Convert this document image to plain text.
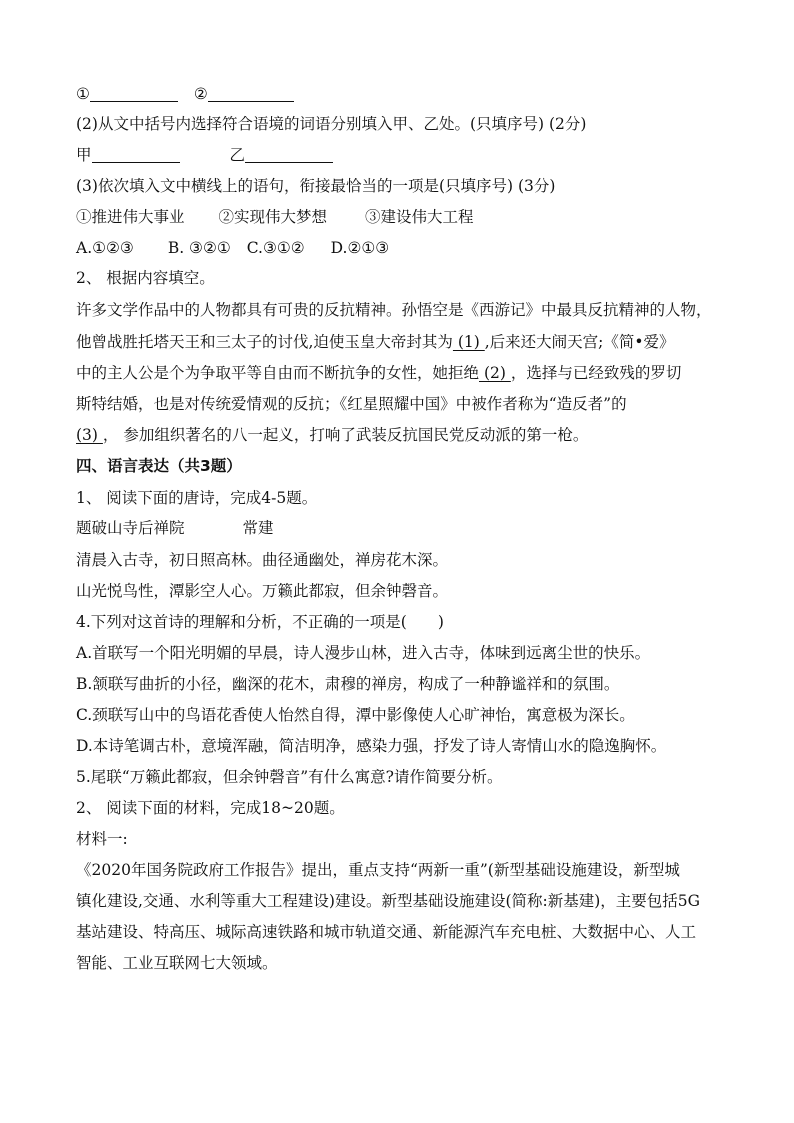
①	②
(2)从文中括号内选择符合语境的词语分别填入甲、乙处。(只填序号) (2分)
甲	乙
(3)依次填入文中横线上的语句，衔接最恰当的一项是(只填序号) (3分)
①推进伟大事业 ②实现伟大梦想 ③建设伟大工程
A.①②③ B. ③②① C.③①② D.②①③
2、 根据内容填空。
许多文学作品中的人物都具有可贵的反抗精神。孙悟空是《西游记》中最具反抗精神的人物，
他曾战胜托塔天王和三太子的讨伐,迫使玉皇大帝封其为 (1) ,后来还大闹天宫;《简•爱》
中的主人公是个为争取平等自由而不断抗争的女性，她拒绝 (2) ，选择与已经致残的罗切
斯特结婚，也是对传统爱情观的反抗；《红星照耀中国》中被作者称为“造反者”的
(3) ， 参加组织著名的八一起义，打响了武装反抗国民党反动派的第一枪。
四、语言表达（共3题）
1、 阅读下面的唐诗，完成4-5题。
题破山寺后禅院	常建
清晨入古寺，初日照高林。曲径通幽处，禅房花木深。
山光悦鸟性，潭影空人心。万籁此都寂，但余钟磬音。
4.下列对这首诗的理解和分析，不正确的一项是(　　)
A.首联写一个阳光明媚的早晨，诗人漫步山林，进入古寺，体味到远离尘世的快乐。
B.颔联写曲折的小径，幽深的花木，肃穆的禅房，构成了一种静谧祥和的氛围。
C.颈联写山中的鸟语花香使人怡然自得，潭中影像使人心旷神怡，寓意极为深长。
D.本诗笔调古朴，意境浑融，简洁明净，感染力强，抒发了诗人寄情山水的隐逸胸怀。
5.尾联“万籁此都寂，但余钟磬音”有什么寓意?请作简要分析。
2、 阅读下面的材料，完成18~20题。
材料一:
《2020年国务院政府工作报告》提出，重点支持“两新一重”(新型基础设施建设，新型城
镇化建设,交通、水利等重大工程建设)建设。新型基础设施建设(简称:新基建)，主要包括5G
基站建设、特高压、城际高速铁路和城市轨道交通、新能源汽车充电桩、大数据中心、人工
智能、工业互联网七大领域。
